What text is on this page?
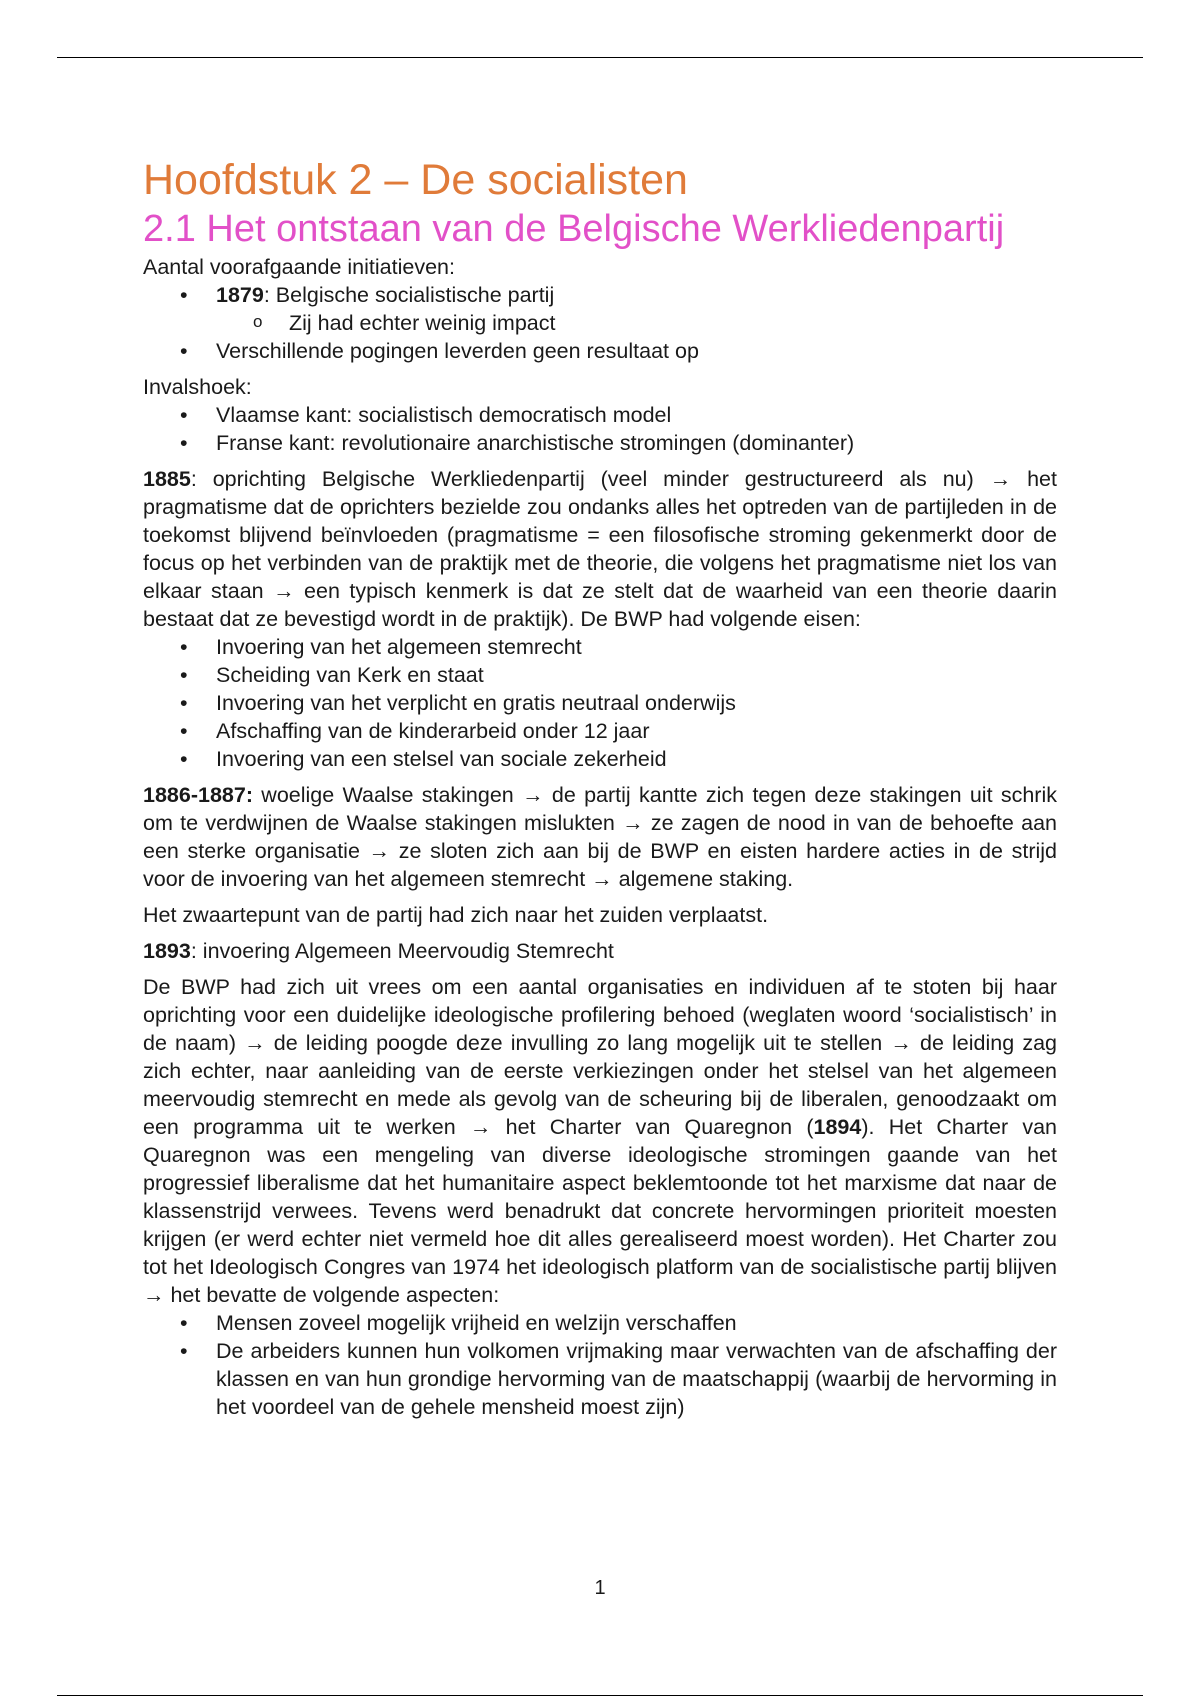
Hoofdstuk 2 – De socialisten
2.1 Het ontstaan van de Belgische Werkliedenpartij

Aantal voorafgaande initiatieven:

• 1879: Belgische socialistische partij
o Zij had echter weinig impact
• Verschillende pogingen leverden geen resultaat op

Invalshoek:

• Vlaamse kant: socialistisch democratisch model
• Franse kant: revolutionaire anarchistische stromingen (dominanter)

1885: oprichting Belgische Werkliedenpartij (veel minder gestructureerd als nu) → het pragmatisme dat de oprichters bezielde zou ondanks alles het optreden van de partijleden in de toekomst blijvend beïnvloeden (pragmatisme = een filosofische stroming gekenmerkt door de focus op het verbinden van de praktijk met de theorie, die volgens het pragmatisme niet los van elkaar staan → een typisch kenmerk is dat ze stelt dat de waarheid van een theorie daarin bestaat dat ze bevestigd wordt in de praktijk). De BWP had volgende eisen:

• Invoering van het algemeen stemrecht
• Scheiding van Kerk en staat
• Invoering van het verplicht en gratis neutraal onderwijs
• Afschaffing van de kinderarbeid onder 12 jaar
• Invoering van een stelsel van sociale zekerheid

1886-1887: woelige Waalse stakingen → de partij kantte zich tegen deze stakingen uit schrik om te verdwijnen de Waalse stakingen mislukten → ze zagen de nood in van de behoefte aan een sterke organisatie → ze sloten zich aan bij de BWP en eisten hardere acties in de strijd voor de invoering van het algemeen stemrecht → algemene staking.

Het zwaartepunt van de partij had zich naar het zuiden verplaatst.

1893: invoering Algemeen Meervoudig Stemrecht

De BWP had zich uit vrees om een aantal organisaties en individuen af te stoten bij haar oprichting voor een duidelijke ideologische profilering behoed (weglaten woord ‘socialistisch’ in de naam) → de leiding poogde deze invulling zo lang mogelijk uit te stellen → de leiding zag zich echter, naar aanleiding van de eerste verkiezingen onder het stelsel van het algemeen meervoudig stemrecht en mede als gevolg van de scheuring bij de liberalen, genoodzaakt om een programma uit te werken → het Charter van Quaregnon (1894). Het Charter van Quaregnon was een mengeling van diverse ideologische stromingen gaande van het progressief liberalisme dat het humanitaire aspect beklemtoonde tot het marxisme dat naar de klassenstrijd verwees. Tevens werd benadrukt dat concrete hervormingen prioriteit moesten krijgen (er werd echter niet vermeld hoe dit alles gerealiseerd moest worden). Het Charter zou tot het Ideologisch Congres van 1974 het ideologisch platform van de socialistische partij blijven → het bevatte de volgende aspecten:

• Mensen zoveel mogelijk vrijheid en welzijn verschaffen
• De arbeiders kunnen hun volkomen vrijmaking maar verwachten van de afschaffing der klassen en van hun grondige hervorming van de maatschappij (waarbij de hervorming in het voordeel van de gehele mensheid moest zijn)
1
